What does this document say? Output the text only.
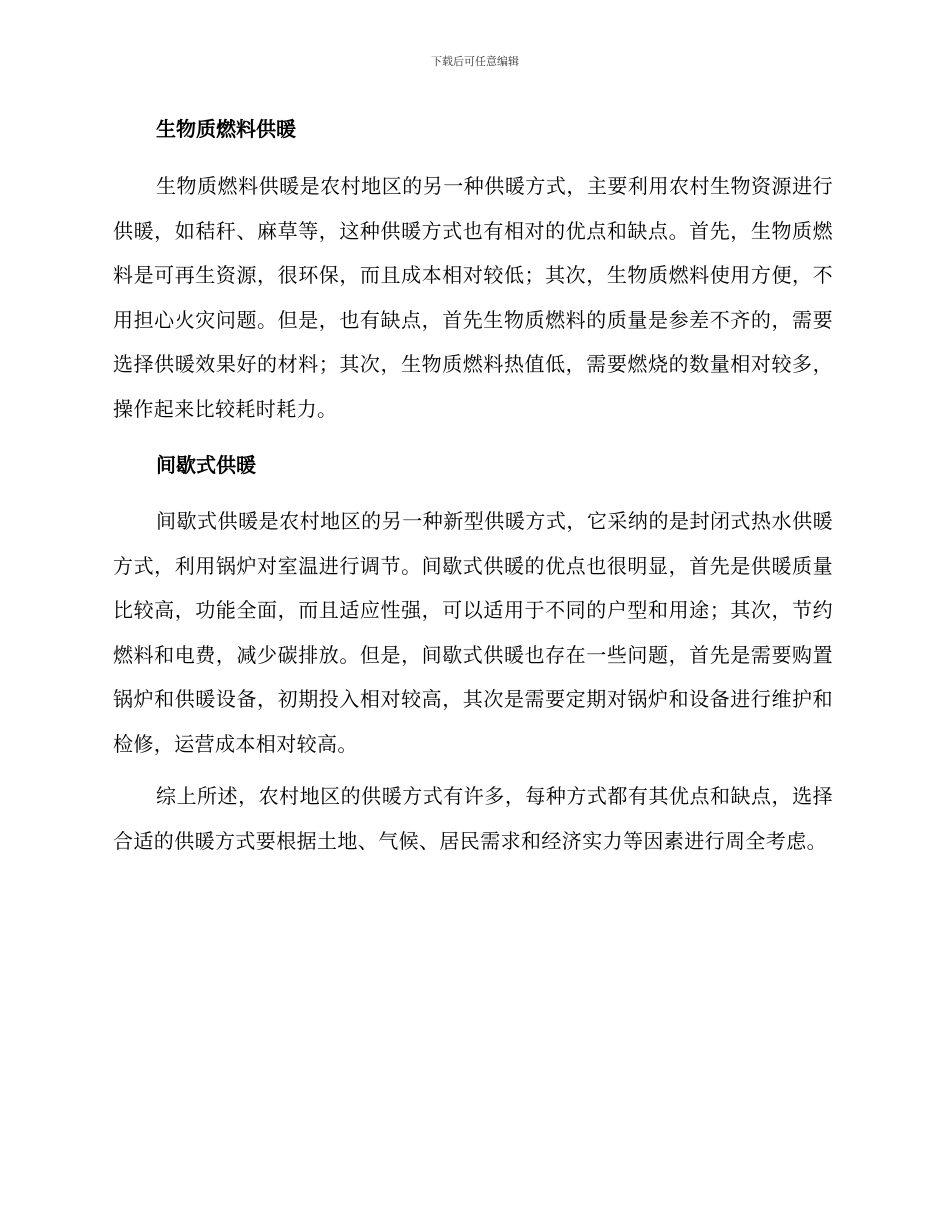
下载后可任意编辑
生物质燃料供暖

生物质燃料供暖是农村地区的另一种供暖方式，主要利用农村生物资源进行供暖，如秸秆、麻草等，这种供暖方式也有相对的优点和缺点。首先，生物质燃料是可再生资源，很环保，而且成本相对较低；其次，生物质燃料使用方便，不用担心火灾问题。但是，也有缺点，首先生物质燃料的质量是参差不齐的，需要选择供暖效果好的材料；其次，生物质燃料热值低，需要燃烧的数量相对较多，操作起来比较耗时耗力。

间歇式供暖

间歇式供暖是农村地区的另一种新型供暖方式，它采纳的是封闭式热水供暖方式，利用锅炉对室温进行调节。间歇式供暖的优点也很明显，首先是供暖质量比较高，功能全面，而且适应性强，可以适用于不同的户型和用途；其次，节约燃料和电费，减少碳排放。但是，间歇式供暖也存在一些问题，首先是需要购置锅炉和供暖设备，初期投入相对较高，其次是需要定期对锅炉和设备进行维护和检修，运营成本相对较高。

综上所述，农村地区的供暖方式有许多，每种方式都有其优点和缺点，选择合适的供暖方式要根据土地、气候、居民需求和经济实力等因素进行周全考虑。
